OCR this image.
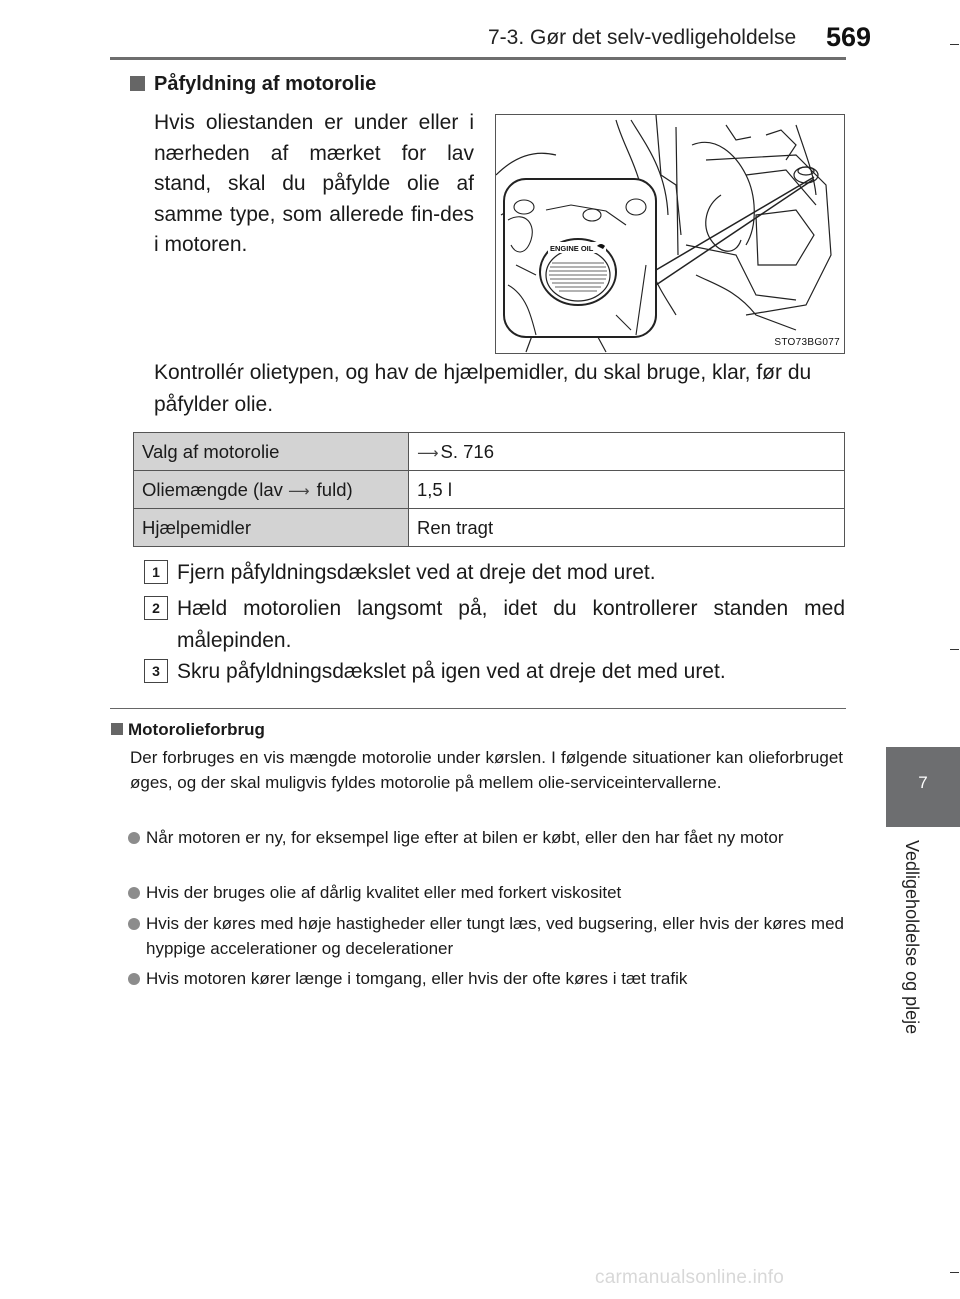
7-3. Gør det selv-vedligeholdelse 569
7
Vedligeholdelse og pleje
Påfyldning af motorolie
Hvis oliestanden er under eller i nærheden af mærket for lav stand, skal du påfylde olie af samme type, som allerede fin-des i motoren.	ENGINE OIL
STO73BG077
Kontrollér olietypen, og hav de hjælpemidler, du skal bruge, klar, før du påfylder olie.
Valg af motorolie	⟶ S. 716
Oliemængde (lav ⟶ fuld)	1,5 l
Hjælpemidler	Ren tragt
1 Fjern påfyldningsdækslet ved at dreje det mod uret.
2 Hæld motorolien langsomt på, idet du kontrollerer standen med målepinden.
3 Skru påfyldningsdækslet på igen ved at dreje det med uret.
Motorolieforbrug
Der forbruges en vis mængde motorolie under kørslen. I følgende situationer kan olieforbruget øges, og der skal muligvis fyldes motorolie på mellem olie-serviceintervallerne.
Når motoren er ny, for eksempel lige efter at bilen er købt, eller den har fået ny motor
Hvis der bruges olie af dårlig kvalitet eller med forkert viskositet
Hvis der køres med høje hastigheder eller tungt læs, ved bugsering, eller hvis der køres med hyppige accelerationer og decelerationer
Hvis motoren kører længe i tomgang, eller hvis der ofte køres i tæt trafik
carmanualsonline.info
